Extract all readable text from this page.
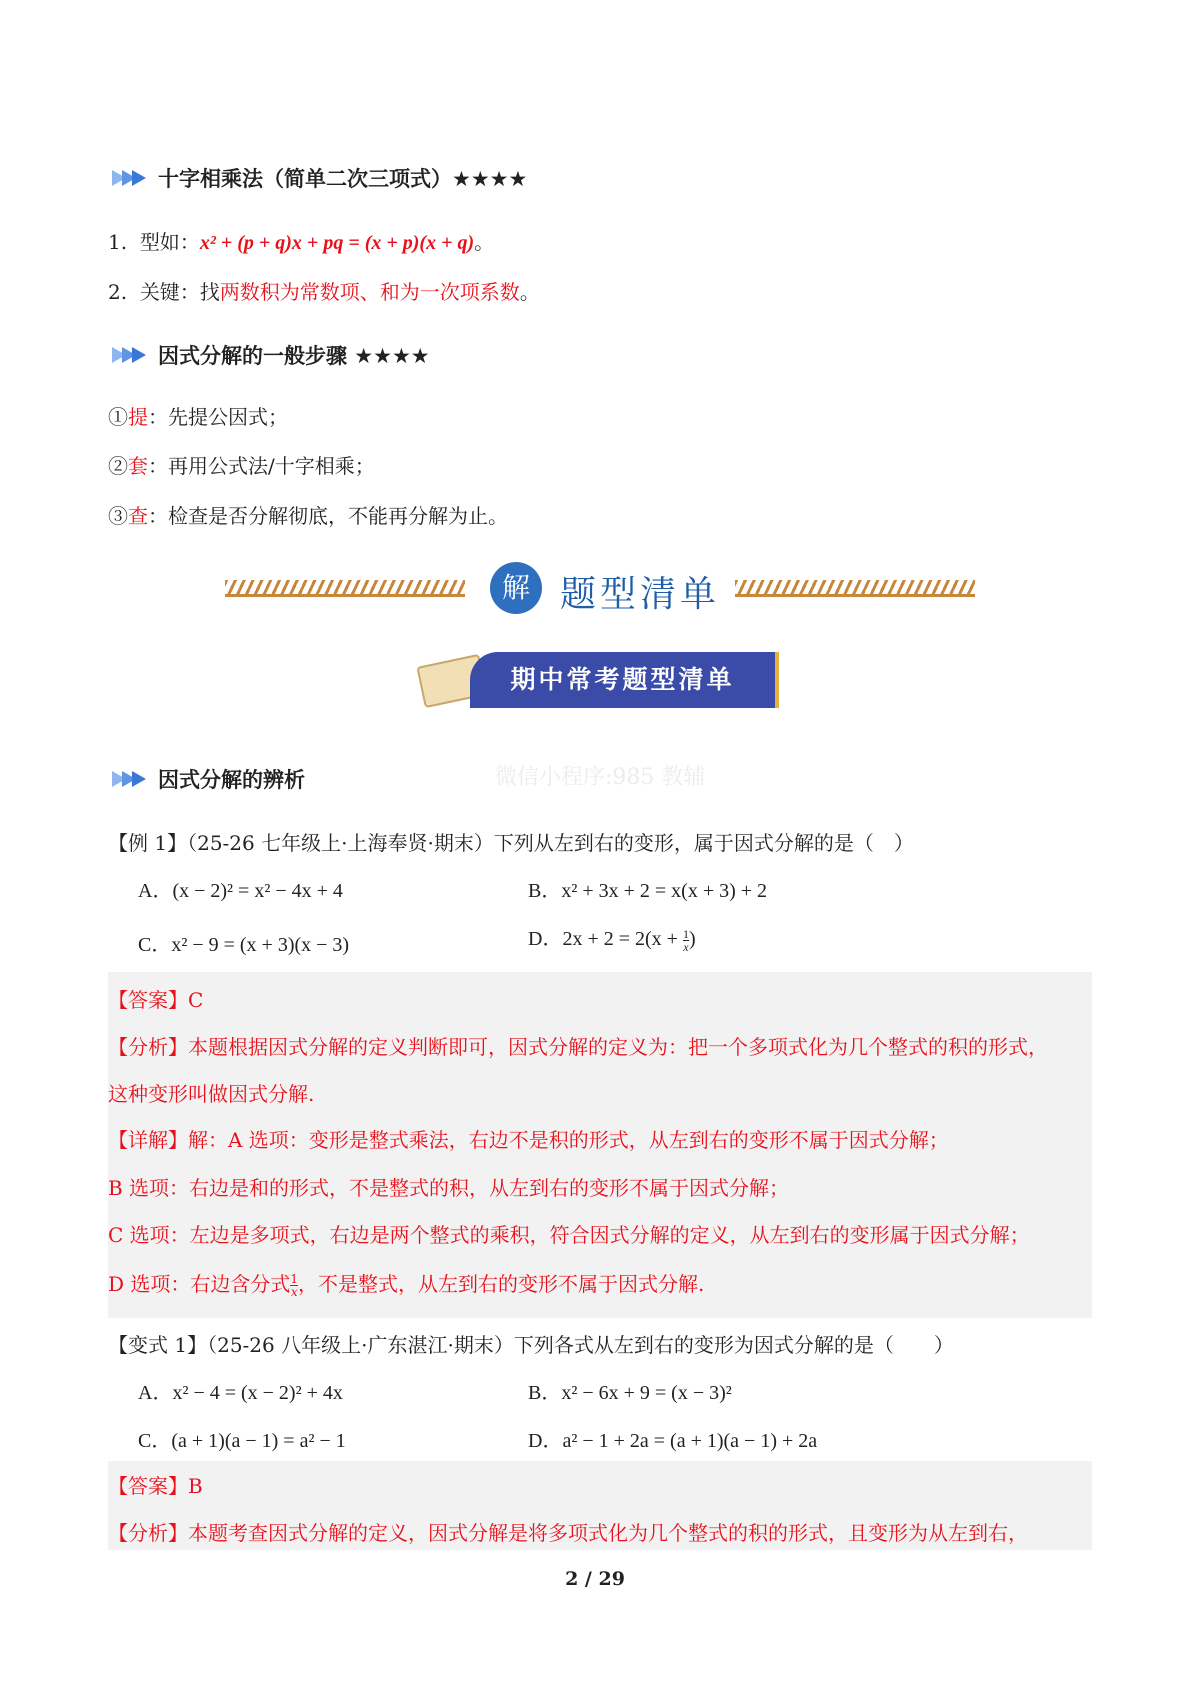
十字相乘法（简单二次三项式）★★★★
1. 型如：x² + (p + q)x + pq = (x + p)(x + q)。
2. 关键：找两数积为常数项、和为一次项系数。
因式分解的一般步骤 ★★★★
①提：先提公因式；
②套：再用公式法/十字相乘；
③查：检查是否分解彻底，不能再分解为止。
解 题型清单
期中常考题型清单
微信小程序:985 教辅
因式分解的辨析
【例 1】（25-26 七年级上·上海奉贤·期末）下列从左到右的变形，属于因式分解的是（　）
A．(x − 2)² = x² − 4x + 4	B．x² + 3x + 2 = x(x + 3) + 2
C．x² − 9 = (x + 3)(x − 3)	D．$2x + 2 = 2(x + \frac{1}{x}$ )
【答案】C
【分析】本题根据因式分解的定义判断即可，因式分解的定义为：把一个多项式化为几个整式的积的形式，
这种变形叫做因式分解.
【详解】解：A 选项：变形是整式乘法，右边不是积的形式，从左到右的变形不属于因式分解；
B 选项：右边是和的形式，不是整式的积，从左到右的变形不属于因式分解；
C 选项：左边是多项式，右边是两个整式的乘积，符合因式分解的定义，从左到右的变形属于因式分解；
D 选项：右边含分式 $\frac{1}{x}$ ，不是整式，从左到右的变形不属于因式分解.
【变式 1】（25-26 八年级上·广东湛江·期末）下列各式从左到右的变形为因式分解的是（　　）
A．x² − 4 = (x − 2)² + 4x	B．x² − 6x + 9 = (x − 3)²
C．(a + 1)(a − 1) = a² − 1	D．a² − 1 + 2a = (a + 1)(a − 1) + 2a
【答案】B
【分析】本题考查因式分解的定义，因式分解是将多项式化为几个整式的积的形式，且变形为从左到右，
2 / 29
